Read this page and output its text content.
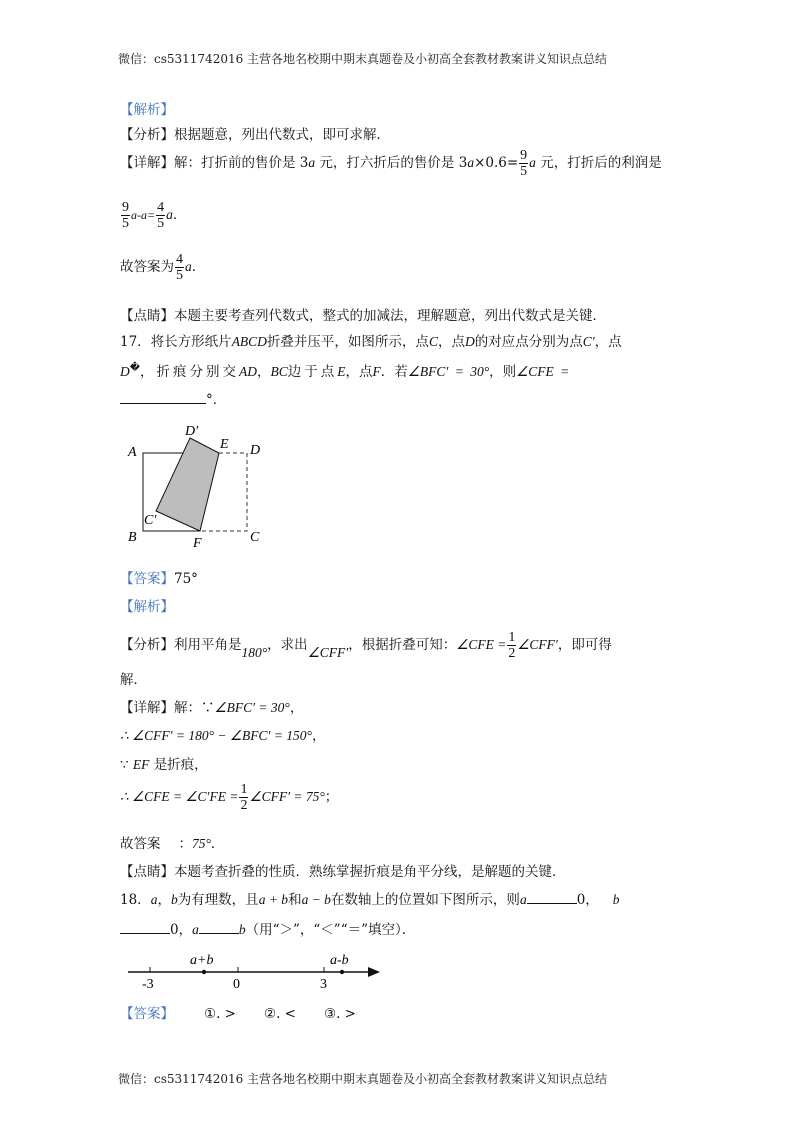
微信：cs5311742016 主营各地名校期中期末真题卷及小初高全套教材教案讲义知识点总结
【解析】
【分析】根据题意，列出代数式，即可求解．
【详解】解：打折前的售价是 3a 元，打六折后的售价是 $3a\times 0.6= \frac{9}{5}$ a 元，打折后的利润是
$\frac{9}{5} a-a= \frac{4}{5}$ a．
故答案为 $\frac{4}{5}$ a．
【点睛】本题主要考查列代数式，整式的加减法，理解题意，列出代数式是关键．
17．将长方形纸片ABCD折叠并压平，如图所示，点C，点D的对应点分别为点C′，点
D�，折痕分别交AD，BC边于点E，点F．若∠BFC′ = 30°，则∠CFE =
°．
A
B	C
D
D′
E
C′
F
【答案】75°
【解析】
【分析】利用平角是180°，求出∠CFF′，根据折叠可知：∠CFE = $\frac{1}{2}$ ∠CFF′，即可得
解．
【详解】解：∵∠BFC′ = 30°，
∴ ∠CFF′ = 180° − ∠BFC′ = 150°，
∵ EF 是折痕，
∴ ∠CFE = ∠C′FE = $\frac{1}{2}$ ∠CFF′ = 75°；
故答案 ：75°．
【点睛】本题考查折叠的性质．熟练掌握折痕是角平分线，是解题的关键．
18．a，b为有理数，且a + b和a − b在数轴上的位置如下图所示，则a	0， b
0，a	b（用“＞”，“＜”“＝”填空）．
-3	0	3
a+b	a-b
【答案】 ①. > ②. < ③. >
微信：cs5311742016 主营各地名校期中期末真题卷及小初高全套教材教案讲义知识点总结
